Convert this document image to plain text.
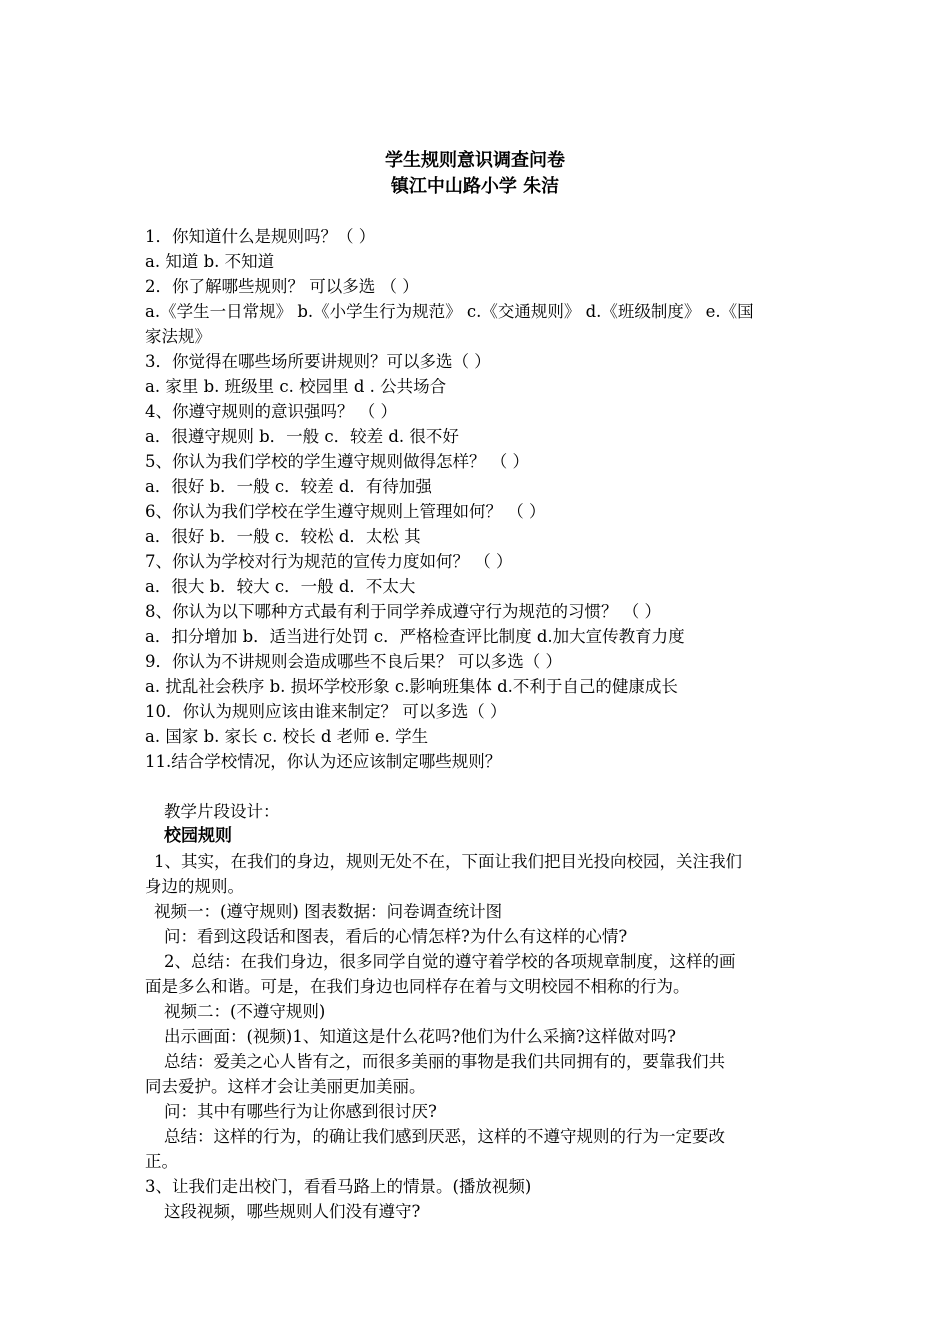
学生规则意识调查问卷
镇江中山路小学 朱洁
1．你知道什么是规则吗？（ ）
a. 知道 b. 不知道
2．你了解哪些规则？ 可以多选 （ ）
a.《学生一日常规》 b.《小学生行为规范》 c.《交通规则》 d.《班级制度》 e.《国
家法规》
3．你觉得在哪些场所要讲规则？可以多选（ ）
a. 家里 b. 班级里 c. 校园里 d . 公共场合
4、你遵守规则的意识强吗？ （ ）
a．很遵守规则 b．一般 c．较差 d. 很不好
5、你认为我们学校的学生遵守规则做得怎样？ （ ）
a．很好 b．一般 c．较差 d．有待加强
6、你认为我们学校在学生遵守规则上管理如何？ （ ）
a．很好 b．一般 c．较松 d．太松 其
7、你认为学校对行为规范的宣传力度如何？ （ ）
a．很大 b．较大 c．一般 d．不太大
8、你认为以下哪种方式最有利于同学养成遵守行为规范的习惯？ （ ）
a．扣分增加 b．适当进行处罚 c．严格检查评比制度 d.加大宣传教育力度
9．你认为不讲规则会造成哪些不良后果？ 可以多选（ ）
a. 扰乱社会秩序 b. 损坏学校形象 c.影响班集体 d.不利于自己的健康成长
10．你认为规则应该由谁来制定？ 可以多选（ ）
a. 国家 b. 家长 c. 校长 d 老师 e. 学生
11.结合学校情况，你认为还应该制定哪些规则？
教学片段设计：
校园规则
1、其实，在我们的身边，规则无处不在，下面让我们把目光投向校园，关注我们
身边的规则。
视频一：(遵守规则) 图表数据：问卷调查统计图
问：看到这段话和图表，看后的心情怎样?为什么有这样的心情?
2、总结：在我们身边，很多同学自觉的遵守着学校的各项规章制度，这样的画
面是多么和谐。可是，在我们身边也同样存在着与文明校园不相称的行为。
视频二：(不遵守规则)
出示画面：(视频)1、知道这是什么花吗?他们为什么采摘?这样做对吗?
总结：爱美之心人皆有之，而很多美丽的事物是我们共同拥有的，要靠我们共
同去爱护。这样才会让美丽更加美丽。
问：其中有哪些行为让你感到很讨厌?
总结：这样的行为，的确让我们感到厌恶，这样的不遵守规则的行为一定要改
正。
3、让我们走出校门，看看马路上的情景。(播放视频)
这段视频，哪些规则人们没有遵守?
